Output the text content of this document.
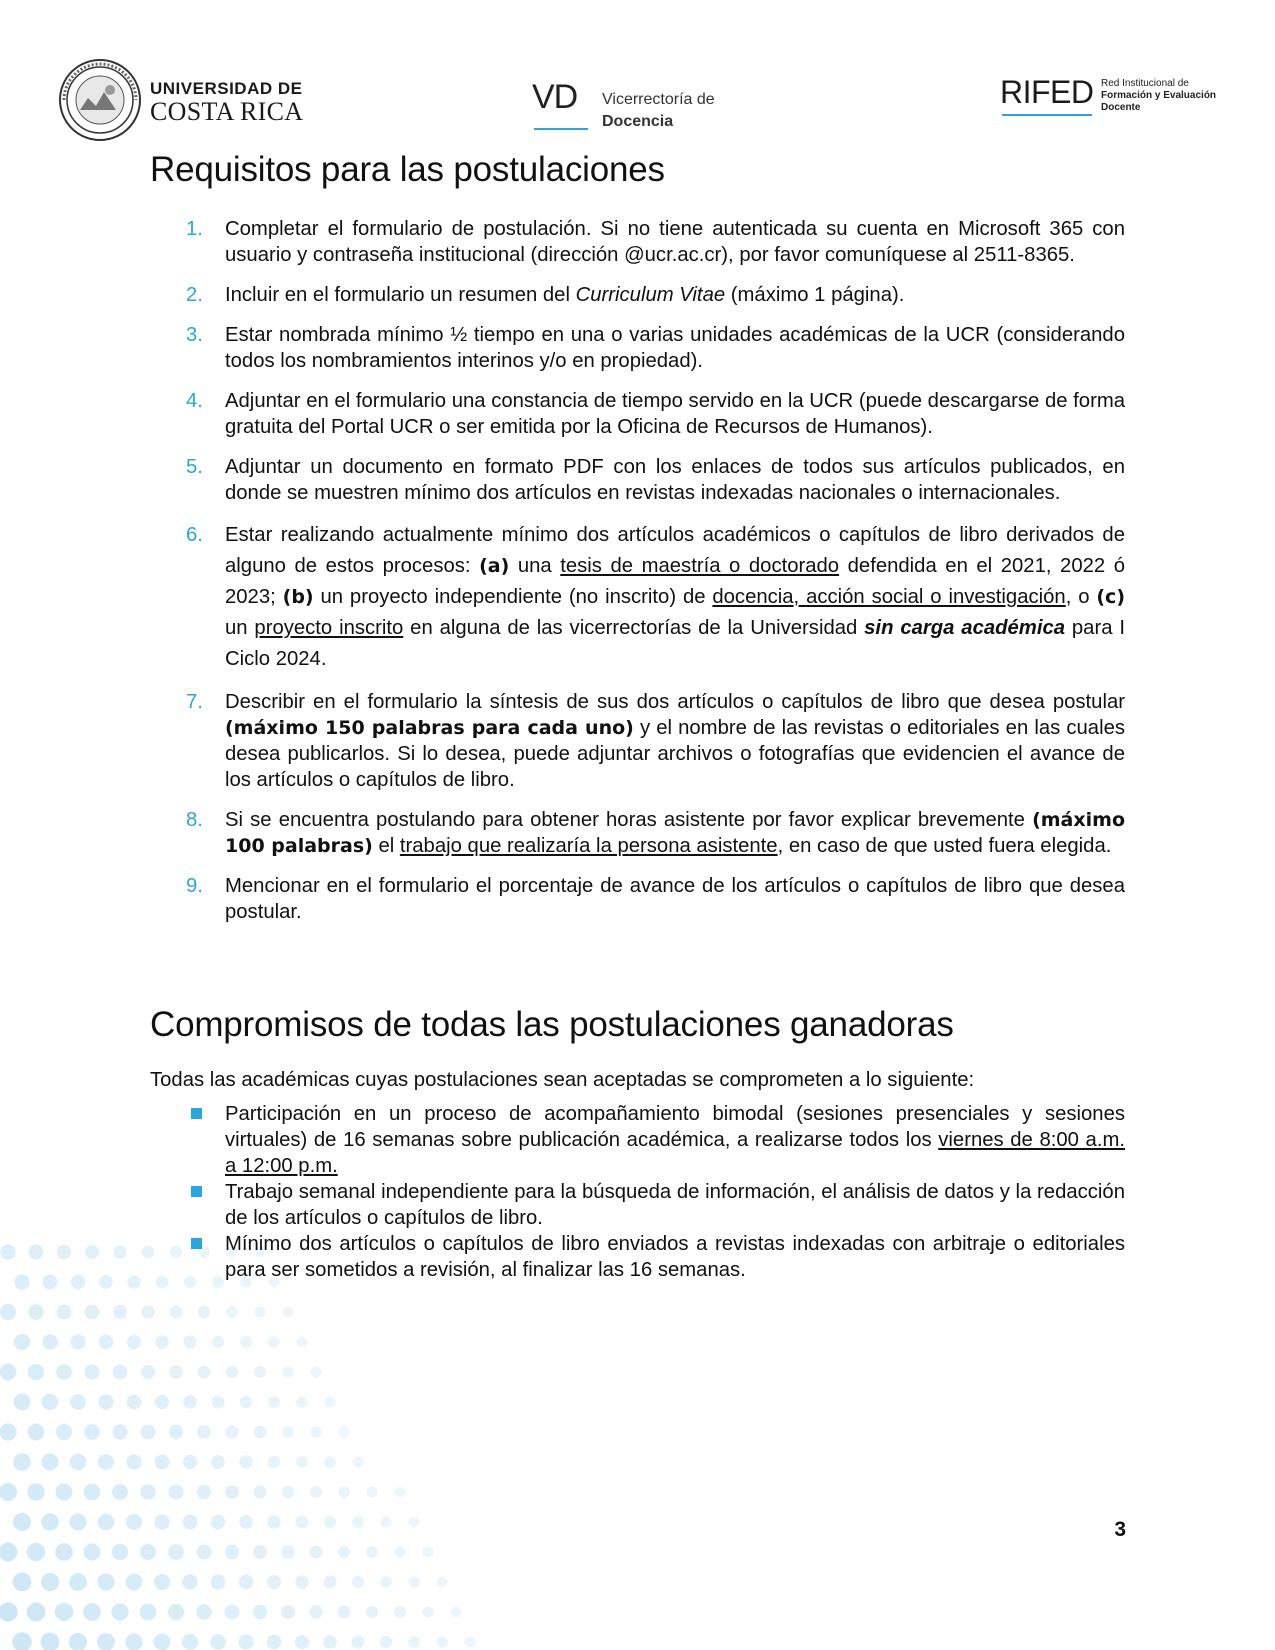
UNIVERSIDAD DE
COSTA RICA	VD Vicerrectoría de
Docencia
RIFED Red Institucional de
Formación y Evaluación
Docente
Requisitos para las postulaciones
1. Completar el formulario de postulación. Si no tiene autenticada su cuenta en Microsoft 365 con usuario y contraseña institucional (dirección @ucr.ac.cr), por favor comuníquese al 2511-8365.
2. Incluir en el formulario un resumen del Curriculum Vitae (máximo 1 página).
3. Estar nombrada mínimo ½ tiempo en una o varias unidades académicas de la UCR (considerando todos los nombramientos interinos y/o en propiedad).
4. Adjuntar en el formulario una constancia de tiempo servido en la UCR (puede descargarse de forma gratuita del Portal UCR o ser emitida por la Oficina de Recursos de Humanos).
5. Adjuntar un documento en formato PDF con los enlaces de todos sus artículos publicados, en donde se muestren mínimo dos artículos en revistas indexadas nacionales o internacionales.
6. Estar realizando actualmente mínimo dos artículos académicos o capítulos de libro derivados de alguno de estos procesos: (a) una tesis de maestría o doctorado defendida en el 2021, 2022 ó 2023; (b) un proyecto independiente (no inscrito) de docencia, acción social o investigación, o (c) un proyecto inscrito en alguna de las vicerrectorías de la Universidad sin carga académica para I Ciclo 2024.
7. Describir en el formulario la síntesis de sus dos artículos o capítulos de libro que desea postular (máximo 150 palabras para cada uno) y el nombre de las revistas o editoriales en las cuales desea publicarlos. Si lo desea, puede adjuntar archivos o fotografías que evidencien el avance de los artículos o capítulos de libro.
8. Si se encuentra postulando para obtener horas asistente por favor explicar brevemente (máximo 100 palabras) el trabajo que realizaría la persona asistente, en caso de que usted fuera elegida.
9. Mencionar en el formulario el porcentaje de avance de los artículos o capítulos de libro que desea postular.
Compromisos de todas las postulaciones ganadoras
Todas las académicas cuyas postulaciones sean aceptadas se comprometen a lo siguiente:
Participación en un proceso de acompañamiento bimodal (sesiones presenciales y sesiones virtuales) de 16 semanas sobre publicación académica, a realizarse todos los viernes de 8:00 a.m. a 12:00 p.m.
Trabajo semanal independiente para la búsqueda de información, el análisis de datos y la redacción de los artículos o capítulos de libro.
Mínimo dos artículos o capítulos de libro enviados a revistas indexadas con arbitraje o editoriales para ser sometidos a revisión, al finalizar las 16 semanas.
3
